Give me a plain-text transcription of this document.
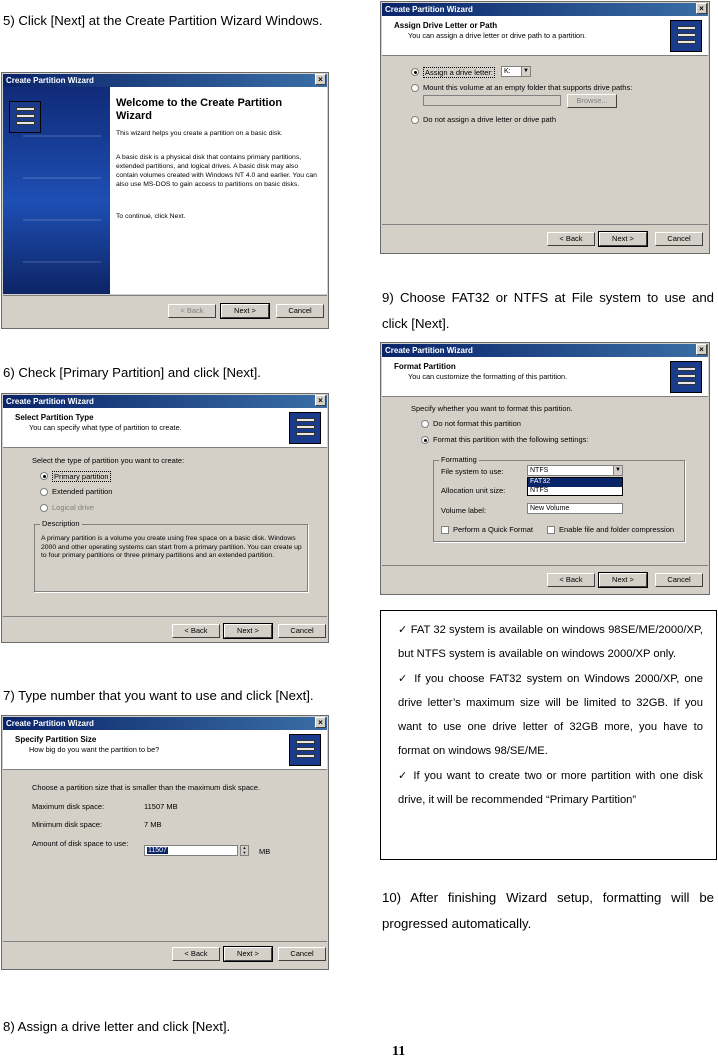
5) Click [Next] at the Create Partition Wizard Windows.
Create Partition Wizard	×
Welcome to the Create Partition Wizard
This wizard helps you create a partition on a basic disk.
A basic disk is a physical disk that contains primary partitions, extended partitions, and logical drives. A basic disk may also contain volumes created with Windows NT 4.0 and earlier. You can also use MS-DOS to gain access to partitions on basic disks.
To continue, click Next.
< Back	Next >	Cancel
6) Check [Primary Partition] and click [Next].
Create Partition Wizard	×
Select Partition Type
You can specify what type of partition to create.
Select the type of partition you want to create:
Primary partition
Extended partition
Logical drive
Description
A primary partition is a volume you create using free space on a basic disk. Windows 2000 and other operating systems can start from a primary partition. You can create up to four primary partitions or three primary partitions and an extended partition.
< Back	Next >	Cancel
7) Type number that you want to use and click [Next].
Create Partition Wizard	×
Specify Partition Size
How big do you want the partition to be?
Choose a partition size that is smaller than the maximum disk space.
Maximum disk space:	11507 MB
Minimum disk space:	7 MB
Amount of disk space to use:
11507	▲
▼	MB
< Back	Next >	Cancel
8) Assign a drive letter and click [Next].
Create Partition Wizard	×
Assign Drive Letter or Path
You can assign a drive letter or drive path to a partition.
Assign a drive letter:	K:	▼
Mount this volume at an empty folder that supports drive paths:
Browse...
Do not assign a drive letter or drive path
< Back	Next >	Cancel
9) Choose FAT32 or NTFS at File system to use and click [Next].
Create Partition Wizard	×
Format Partition
You can customize the formatting of this partition.
Specify whether you want to format this partition.
Do not format this partition
Format this partition with the following settings:
Formatting
File system to use:	NTFS	▼
FAT32
NTFS
Allocation unit size:
Volume label:	New Volume
Perform a Quick Format	Enable file and folder compression
< Back	Next >	Cancel

✓ FAT 32 system is available on windows 98SE/ME/2000/XP, but NTFS system is available on windows 2000/XP only.

✓ If you choose FAT32 system on Windows 2000/XP, one drive letter’s maximum size will be limited to 32GB. If you want to use one drive letter of 32GB more, you have to format on windows 98/SE/ME.

✓ If you want to create two or more partition with one disk drive, it will be recommended “Primary Partition”

10) After finishing Wizard setup, formatting will be progressed automatically.
11
